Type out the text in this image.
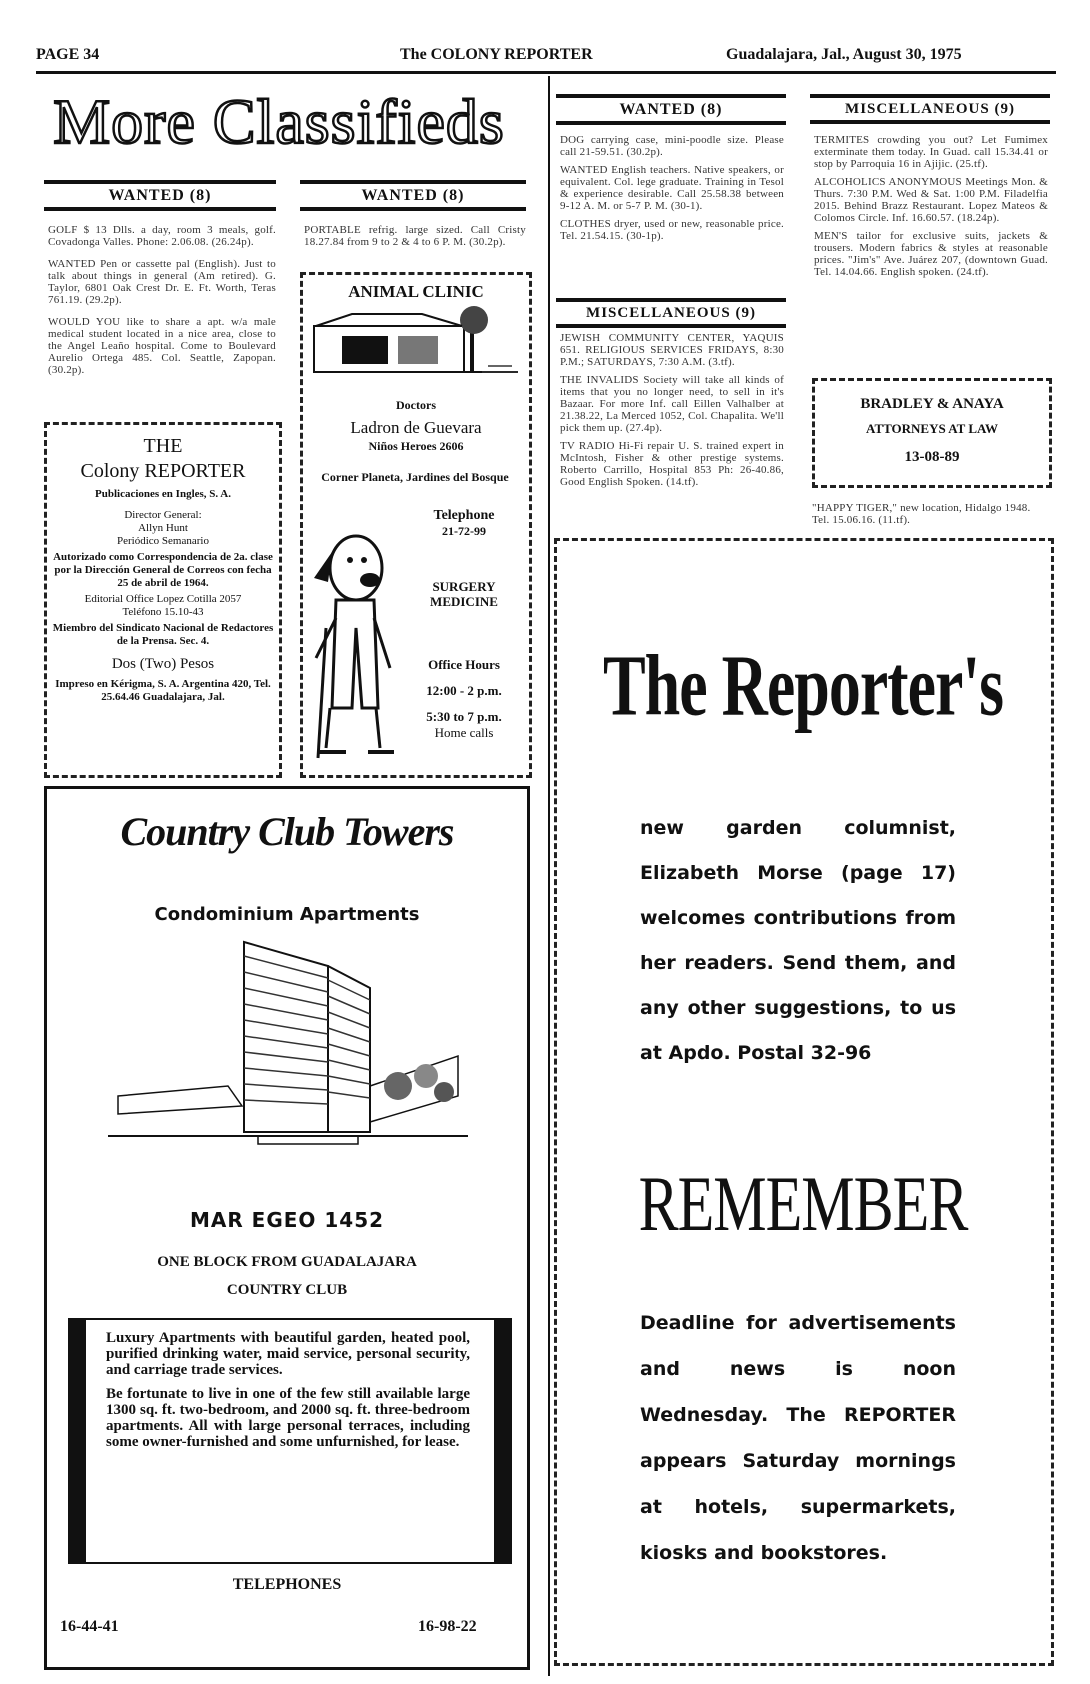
PAGE 34	The COLONY REPORTER	Guadalajara, Jal., August 30, 1975
More Classifieds
WANTED (8)
GOLF $ 13 Dlls. a day, room 3 meals, golf. Covadonga Valles. Phone: 2.06.08. (26.24p).
WANTED Pen or cassette pal (English). Just to talk about things in general (Am retired). G. Taylor, 6801 Oak Crest Dr. E. Ft. Worth, Teras 761.19. (29.2p).
WOULD YOU like to share a apt. w/a male medical student located in a nice area, close to the Angel Leaño hospital. Come to Boulevard Aurelio Ortega 485. Col. Seattle, Zapopan. (30.2p).
THE
Colony REPORTER
Publicaciones en Ingles, S. A.
Director General:
Allyn Hunt
Periódico Semanario
Autorizado como Correspondencia de 2a. clase por la Dirección General de Correos con fecha 25 de abril de 1964.
Editorial Office Lopez Cotilla 2057
Teléfono 15.10-43
Miembro del Sindicato Nacional de Redactores de la Prensa. Sec. 4.
Dos (Two) Pesos
Impreso en Kérigma, S. A. Argentina 420, Tel. 25.64.46 Guadalajara, Jal.
WANTED (8)
PORTABLE refrig. large sized. Call Cristy 18.27.84 from 9 to 2 & 4 to 6 P. M. (30.2p).
ANIMAL CLINIC
Doctors
Ladron de Guevara
Niños Heroes 2606
Corner Planeta, Jardines del Bosque
Telephone
21-72-99
SURGERY MEDICINE
Office Hours
12:00 - 2 p.m.
5:30 to 7 p.m.
Home calls
WANTED (8)
DOG carrying case, mini-poodle size. Please call 21-59.51. (30.2p).
WANTED English teachers. Native speakers, or equivalent. Col. lege graduate. Training in Tesol & experience desirable. Call 25.58.38 between 9-12 A. M. or 5-7 P. M. (30-1).
CLOTHES dryer, used or new, reasonable price. Tel. 21.54.15. (30-1p).
MISCELLANEOUS (9)
JEWISH COMMUNITY CENTER, YAQUIS 651. RELIGIOUS SERVICES FRIDAYS, 8:30 P.M.; SATURDAYS, 7:30 A.M. (3.tf).
THE INVALIDS Society will take all kinds of items that you no longer need, to sell in it's Bazaar. For more Inf. call Eillen Valhalber at 21.38.22, La Merced 1052, Col. Chapalita. We'll pick them up. (27.4p).
TV RADIO Hi-Fi repair U. S. trained expert in McIntosh, Fisher & other prestige systems. Roberto Carrillo, Hospital 853 Ph: 26-40.86, Good English Spoken. (14.tf).
MISCELLANEOUS (9)
TERMITES crowding you out? Let Fumimex exterminate them today. In Guad. call 15.34.41 or stop by Parroquia 16 in Ajijic. (25.tf).
ALCOHOLICS ANONYMOUS Meetings Mon. & Thurs. 7:30 P.M. Wed & Sat. 1:00 P.M. Filadelfia 2015. Behind Brazz Restaurant. Lopez Mateos & Colomos Circle. Inf. 16.60.57. (18.24p).
MEN'S tailor for exclusive suits, jackets & trousers. Modern fabrics & styles at reasonable prices. "Jim's" Ave. Juárez 207, (downtown Guad. Tel. 14.04.66. English spoken. (24.tf).
BRADLEY & ANAYA
ATTORNEYS AT LAW
13-08-89
"HAPPY TIGER," new location, Hidalgo 1948. Tel. 15.06.16. (11.tf).
Country Club Towers
Condominium Apartments
MAR EGEO 1452
ONE BLOCK FROM GUADALAJARA
COUNTRY CLUB
Luxury Apartments with beautiful garden, heated pool, purified drinking water, maid service, personal security, and carriage trade services.
Be fortunate to live in one of the few still available large 1300 sq. ft. two-bedroom, and 2000 sq. ft. three-bedroom apartments. All with large personal terraces, including some owner-furnished and some unfurnished, for lease.
TELEPHONES
16-44-41	16-98-22
The Reporter's
new garden columnist, Elizabeth Morse (page 17) welcomes contributions from her readers. Send them, and any other suggestions, to us at Apdo. Postal 32-96
REMEMBER
Deadline for advertisements and news is noon Wednesday. The REPORTER appears Saturday mornings at hotels, supermarkets, kiosks and bookstores.
